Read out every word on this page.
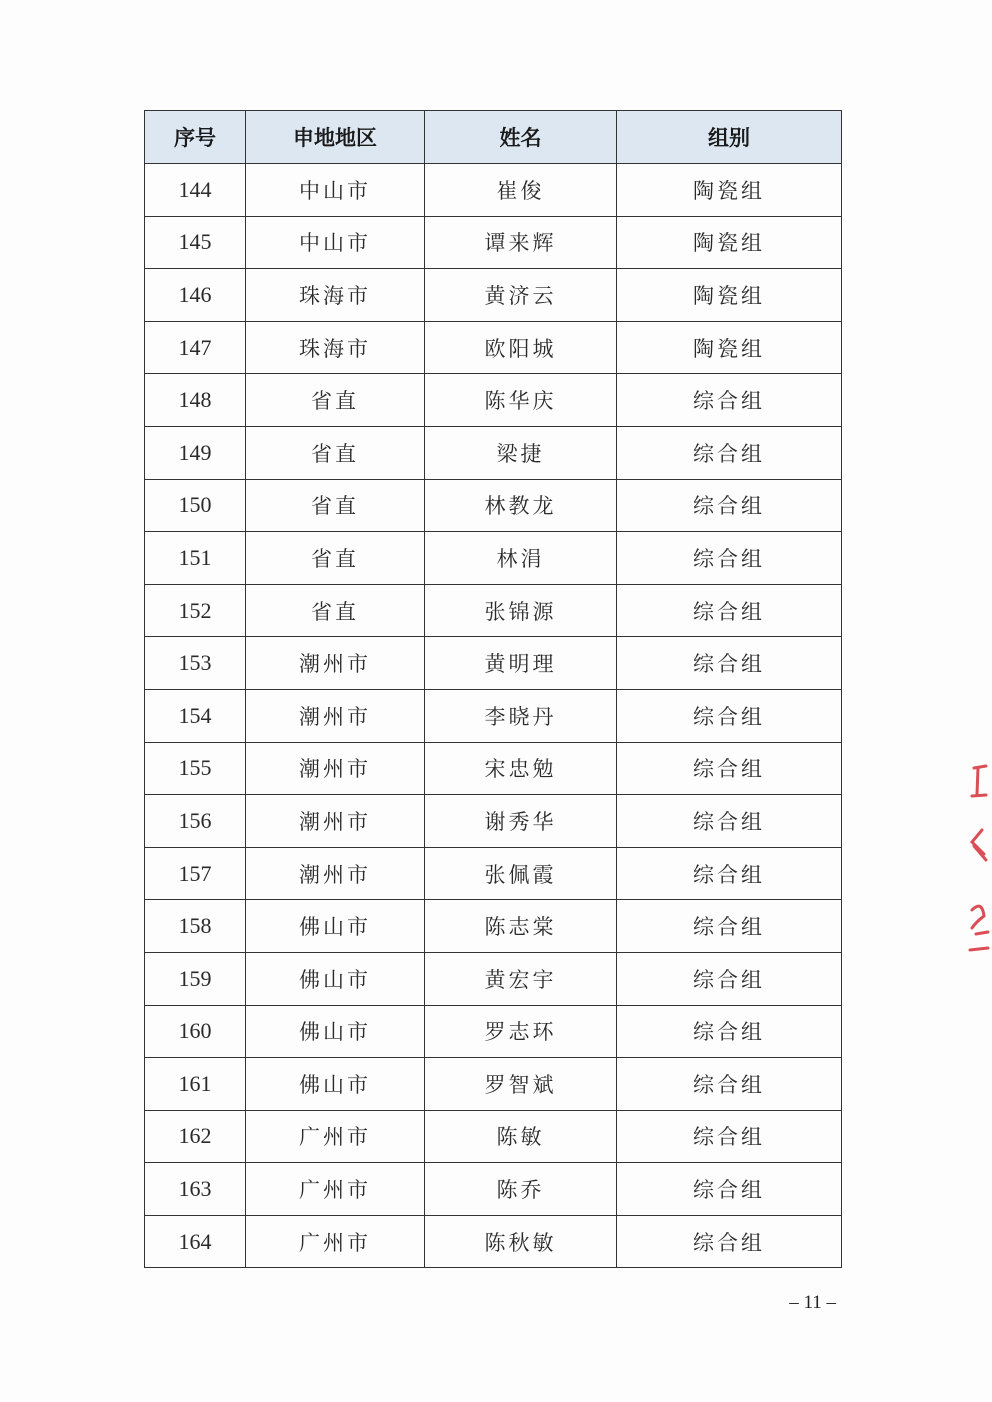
序号	申地地区	姓名	组别
144	中山市	崔俊	陶瓷组
145	中山市	谭来辉	陶瓷组
146	珠海市	黄济云	陶瓷组
147	珠海市	欧阳城	陶瓷组
148	省直	陈华庆	综合组
149	省直	梁捷	综合组
150	省直	林教龙	综合组
151	省直	林涓	综合组
152	省直	张锦源	综合组
153	潮州市	黄明理	综合组
154	潮州市	李晓丹	综合组
155	潮州市	宋忠勉	综合组
156	潮州市	谢秀华	综合组
157	潮州市	张佩霞	综合组
158	佛山市	陈志棠	综合组
159	佛山市	黄宏宇	综合组
160	佛山市	罗志环	综合组
161	佛山市	罗智斌	综合组
162	广州市	陈敏	综合组
163	广州市	陈乔	综合组
164	广州市	陈秋敏	综合组
– 11 –
